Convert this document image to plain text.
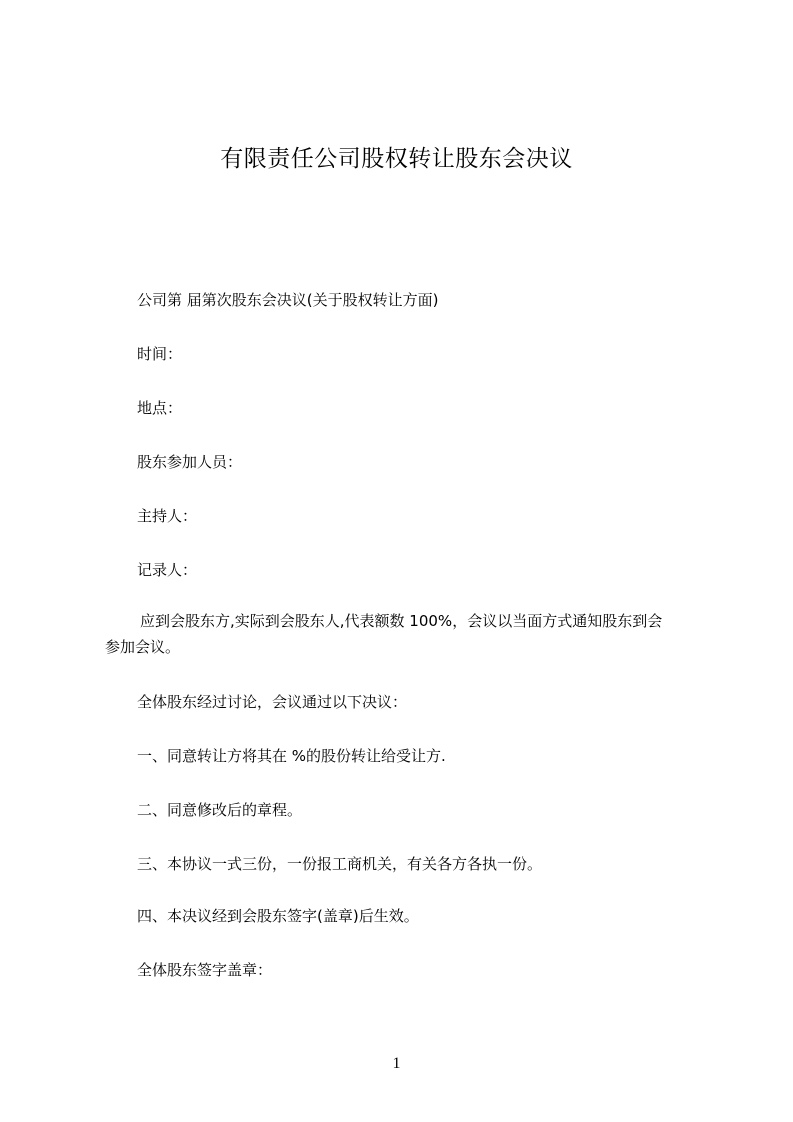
有限责任公司股权转让股东会决议
公司第 届第次股东会决议(关于股权转让方面)
时间：
地点：
股东参加人员：
主持人：
记录人：
应到会股东方,实际到会股东人,代表额数 100%，会议以当面方式通知股东到会
参加会议。
全体股东经过讨论，会议通过以下决议：
一、同意转让方将其在 %的股份转让给受让方.
二、同意修改后的章程。
三、本协议一式三份，一份报工商机关，有关各方各执一份。
四、本决议经到会股东签字(盖章)后生效。
全体股东签字盖章：
1
